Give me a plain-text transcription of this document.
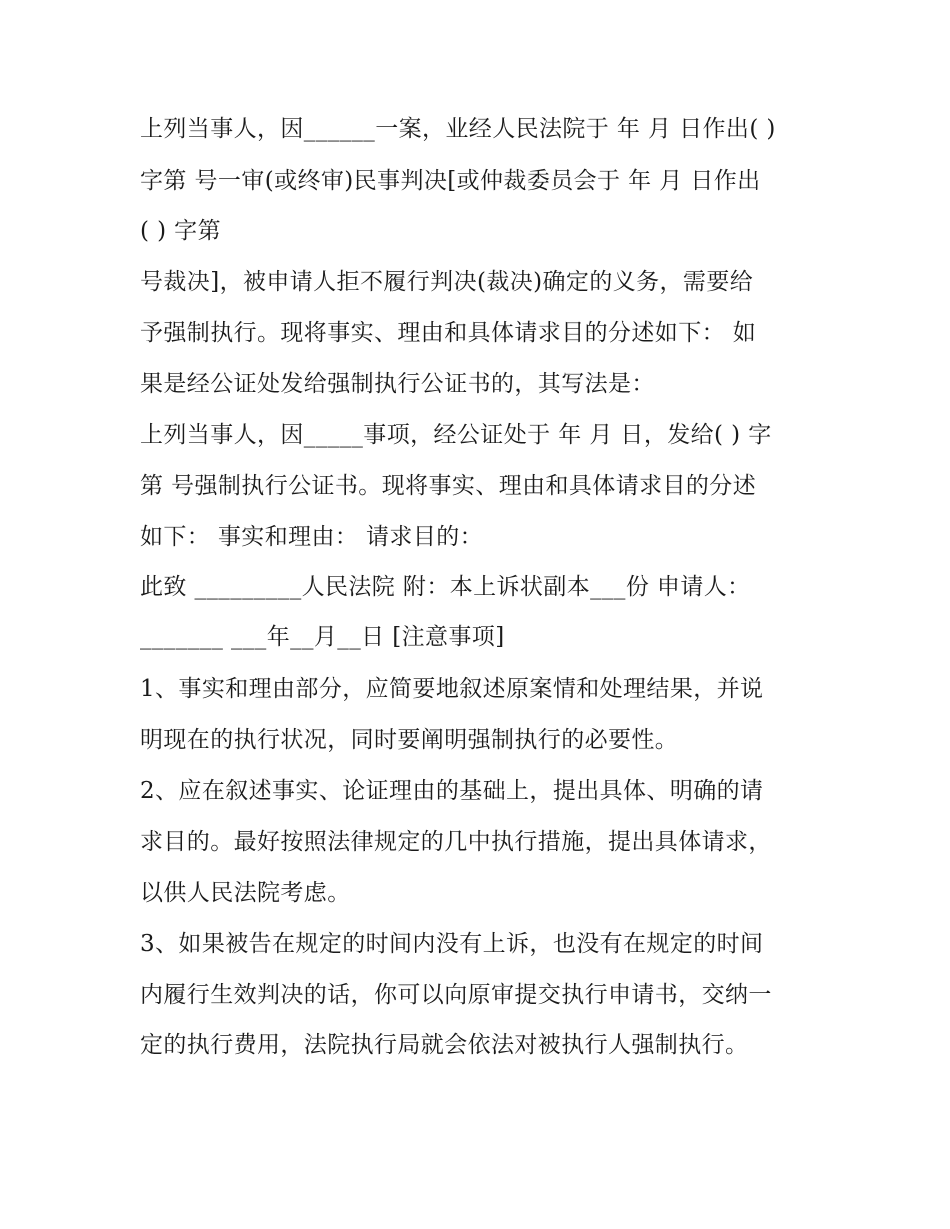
上列当事人，因______一案，业经人民法院于 年 月 日作出( )
字第 号一审(或终审)民事判决[或仲裁委员会于 年 月 日作出
( ) 字第
号裁决]，被申请人拒不履行判决(裁决)确定的义务，需要给
予强制执行。现将事实、理由和具体请求目的分述如下： 如
果是经公证处发给强制执行公证书的，其写法是：
上列当事人，因_____事项，经公证处于 年 月 日，发给( ) 字
第 号强制执行公证书。现将事实、理由和具体请求目的分述
如下： 事实和理由： 请求目的：
此致 _________人民法院 附：本上诉状副本___份 申请人：
_______ ___年__月__日 [注意事项]
1、事实和理由部分，应简要地叙述原案情和处理结果，并说
明现在的执行状况，同时要阐明强制执行的必要性。
2、应在叙述事实、论证理由的基础上，提出具体、明确的请
求目的。最好按照法律规定的几中执行措施，提出具体请求，
以供人民法院考虑。
3、如果被告在规定的时间内没有上诉，也没有在规定的时间
内履行生效判决的话，你可以向原审提交执行申请书，交纳一
定的执行费用，法院执行局就会依法对被执行人强制执行。
